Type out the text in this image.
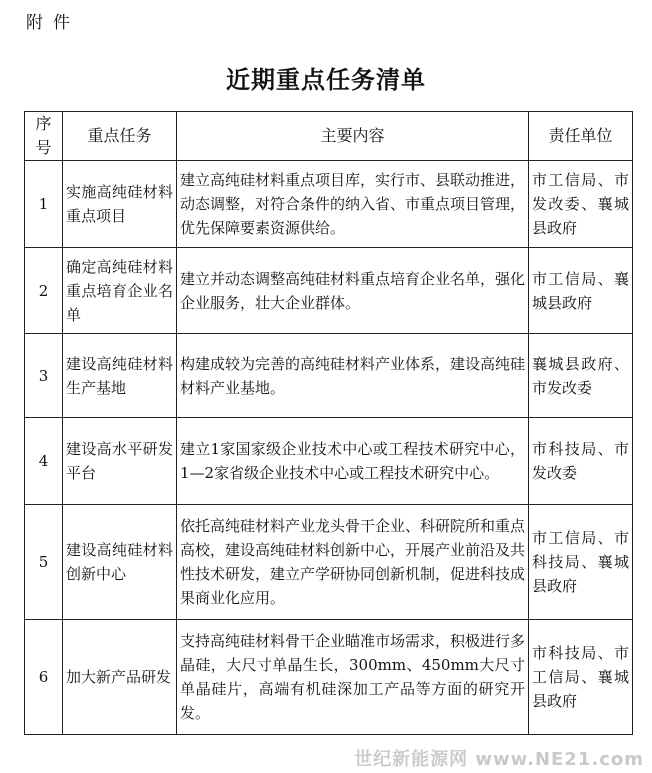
附件
近期重点任务清单
序号	重点任务	主要内容	责任单位
1	实施高纯硅材料重点项目	建立高纯硅材料重点项目库，实行市、县联动推进，动态调整，对符合条件的纳入省、市重点项目管理，优先保障要素资源供给。	市工信局、市发改委、襄城县政府
2	确定高纯硅材料重点培育企业名单	建立并动态调整高纯硅材料重点培育企业名单，强化企业服务，壮大企业群体。	市工信局、襄城县政府
3	建设高纯硅材料生产基地	构建成较为完善的高纯硅材料产业体系，建设高纯硅材料产业基地。	襄城县政府、市发改委
4	建设高水平研发平台	建立1家国家级企业技术中心或工程技术研究中心，1—2家省级企业技术中心或工程技术研究中心。	市科技局、市发改委
5	建设高纯硅材料创新中心	依托高纯硅材料产业龙头骨干企业、科研院所和重点高校，建设高纯硅材料创新中心，开展产业前沿及共性技术研发，建立产学研协同创新机制，促进科技成果商业化应用。	市工信局、市科技局、襄城县政府
6	加大新产品研发	支持高纯硅材料骨干企业瞄准市场需求，积极进行多晶硅，大尺寸单晶生长，300mm、450mm大尺寸单晶硅片，高端有机硅深加工产品等方面的研究开发。	市科技局、市工信局、襄城县政府
世纪新能源网 www.NE21.com
